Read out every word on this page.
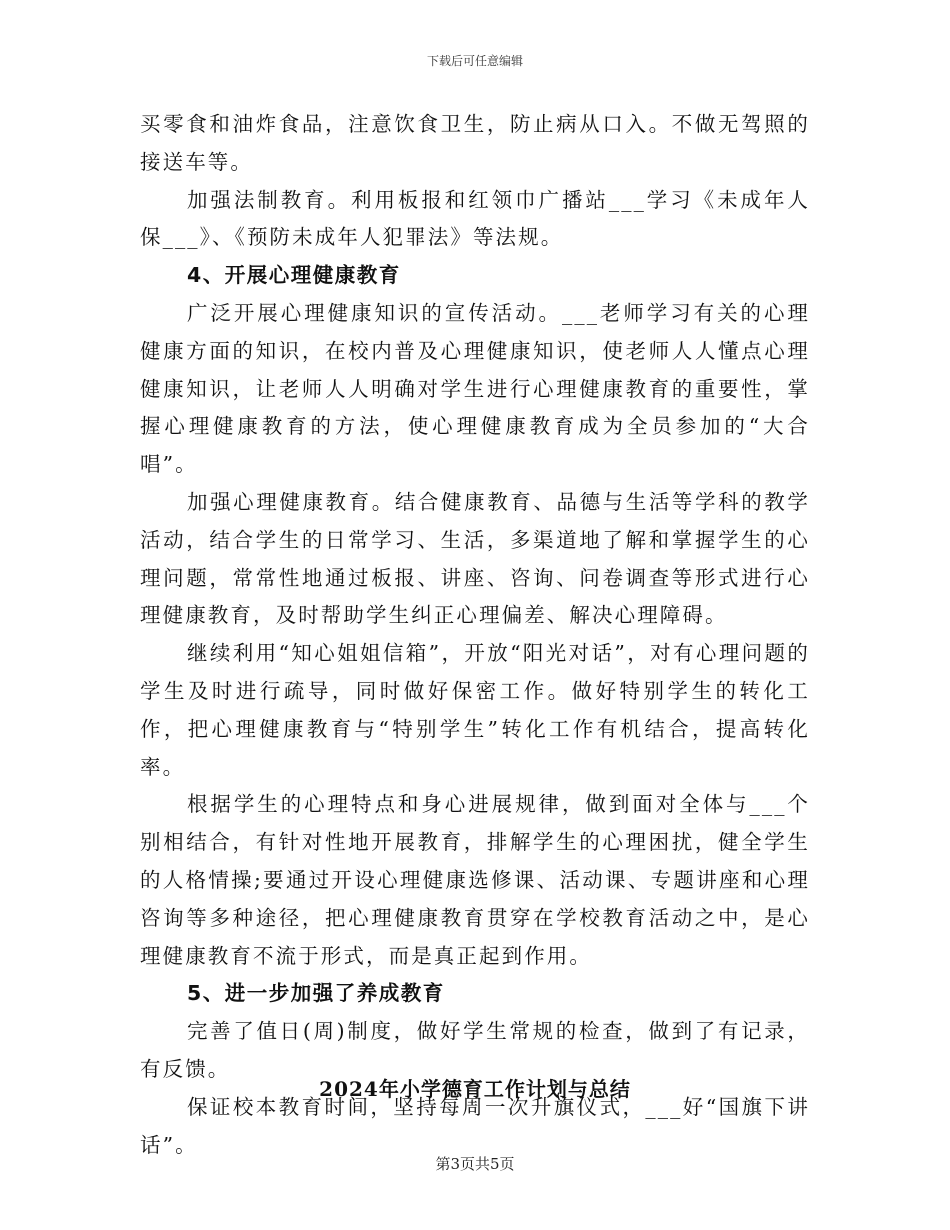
下载后可任意编辑

买零食和油炸食品，注意饮食卫生，防止病从口入。不做无驾照的接送车等。

加强法制教育。利用板报和红领巾广播站___学习《未成年人保___》、《预防未成年人犯罪法》等法规。

4、开展心理健康教育

广泛开展心理健康知识的宣传活动。___老师学习有关的心理健康方面的知识，在校内普及心理健康知识，使老师人人懂点心理健康知识，让老师人人明确对学生进行心理健康教育的重要性，掌握心理健康教育的方法，使心理健康教育成为全员参加的“大合唱”。

加强心理健康教育。结合健康教育、品德与生活等学科的教学活动，结合学生的日常学习、生活，多渠道地了解和掌握学生的心理问题，常常性地通过板报、讲座、咨询、问卷调查等形式进行心理健康教育，及时帮助学生纠正心理偏差、解决心理障碍。

继续利用“知心姐姐信箱”，开放“阳光对话”，对有心理问题的学生及时进行疏导，同时做好保密工作。做好特别学生的转化工作，把心理健康教育与“特别学生”转化工作有机结合，提高转化率。

根据学生的心理特点和身心进展规律，做到面对全体与___个别相结合，有针对性地开展教育，排解学生的心理困扰，健全学生的人格情操;要通过开设心理健康选修课、活动课、专题讲座和心理咨询等多种途径，把心理健康教育贯穿在学校教育活动之中，是心理健康教育不流于形式，而是真正起到作用。

5、进一步加强了养成教育

完善了值日(周)制度，做好学生常规的检查，做到了有记录，有反馈。

保证校本教育时间，坚持每周一次升旗仪式，___好“国旗下讲话”。

2024年小学德育工作计划与总结
第3页共5页
